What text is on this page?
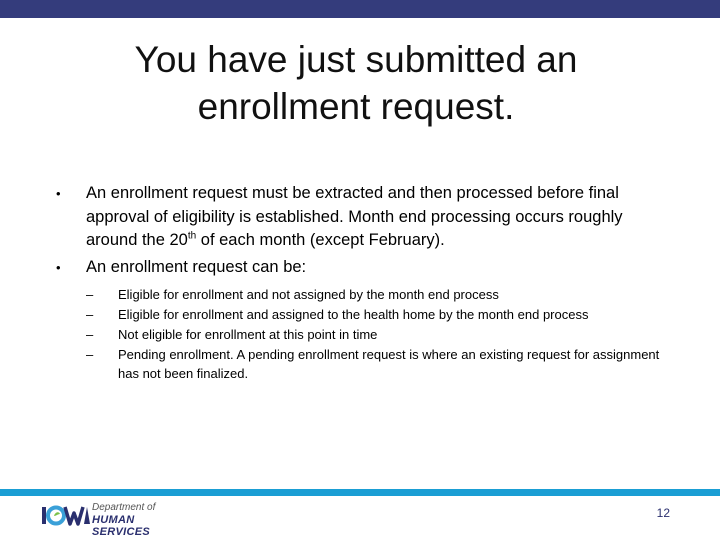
You have just submitted an enrollment request.
• An enrollment request must be extracted and then processed before final approval of eligibility is established. Month end processing occurs roughly around the 20th of each month (except February).
• An enrollment request can be:
– Eligible for enrollment and not assigned by the month end process
– Eligible for enrollment and assigned to the health home by the month end process
– Not eligible for enrollment at this point in time
– Pending enrollment. A pending enrollment request is where an existing request for assignment has not been finalized.
Department of
HUMAN SERVICES
12
